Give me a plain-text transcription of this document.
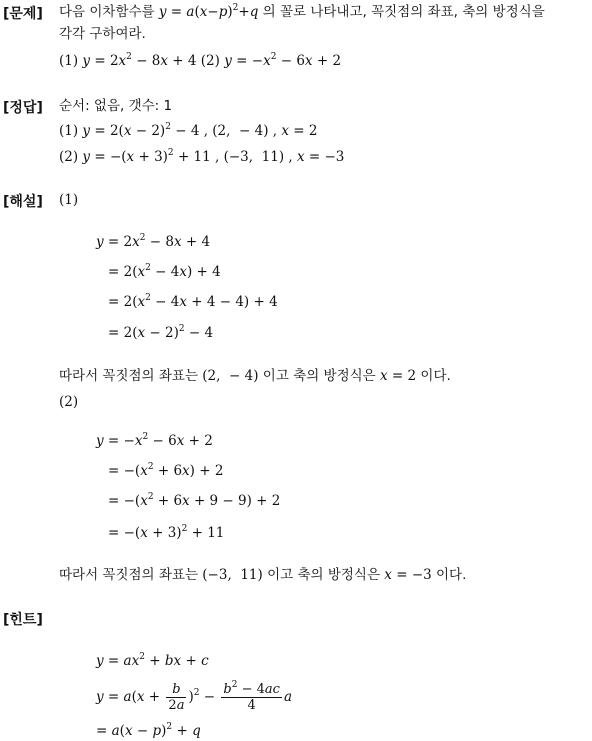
[문제] 다음 이차함수를 $y = a(x-p)^2+q$ 의 꼴로 나타내고, 꼭짓점의 좌표, 축의 방정식을
각각 구하여라.
(1) $y = 2x^2 - 8x + 4$ (2) $y = -x^2 - 6x + 2$
[정답] 순서: 없음, 갯수: 1
(1) $y = 2(x - 2)^2 - 4$ , (2,  − 4) , x = 2
(2) $y = -(x + 3)^2 + 11$ , (−3,  11) , x = −3
[해설] (1)
$y = 2x^2 - 8x + 4$
= $2(x^2 - 4x) + 4$
= $2(x^2 - 4x + 4 - 4) + 4$
= $2(x - 2)^2 - 4$
따라서 꼭짓점의 좌표는 (2,  − 4) 이고 축의 방정식은 x = 2 이다.
(2)
$y = -x^2 - 6x + 2$
= $-(x^2 + 6x) + 2$
= $-(x^2 + 6x + 9 - 9) + 2$
= $-(x + 3)^2 + 11$
따라서 꼭짓점의 좌표는 (−3,  11) 이고 축의 방정식은 x = −3 이다.
[힌트]
$y = ax^2$ + bx + c
$y = a(x + \frac{b}{2a} )^2 - \frac{b^2 - 4ac}{4}$ a
= $a(x - p)^2 + q$
